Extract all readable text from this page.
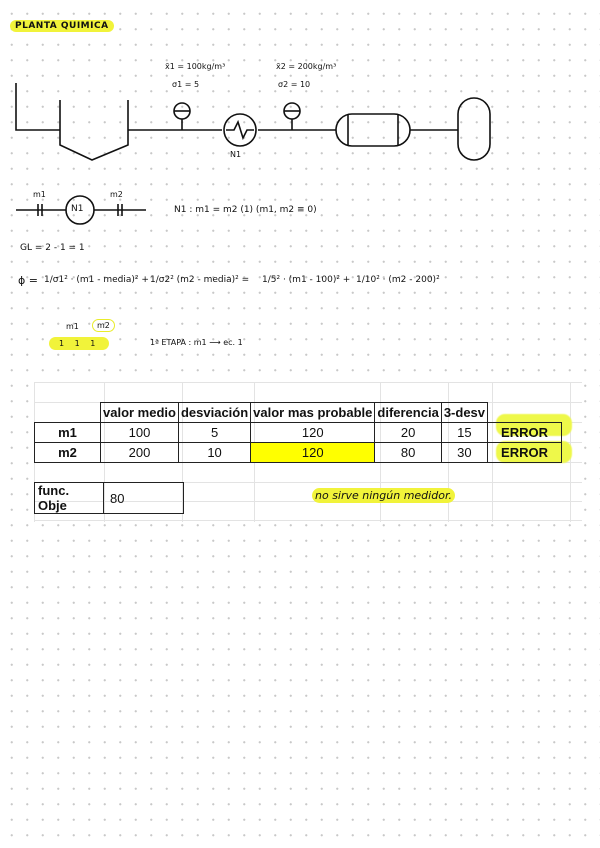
PLANTA QUIMICA
x̄1 = 100kg/m³
σ1 = 5
x̄2 = 200kg/m³
σ2 = 10
N1
m1	m2
N1	N1 : m1 = m2 (1) (m1, m2 ≡ 0)
GL = 2 - 1 = 1
ϕ = 1/σ1² · (m1 - media)² + 1/σ2² (m2 - media)² = 1/5² · (m1 - 100)² + 1/10² · (m2 - 200)²
m1	m2
1 1 1	1ª ETAPA : m1 ⟶ ec. 1
	valor medio	desviación	valor mas probable	diferencia	3-desv	
m1	100	5	120	20	15	ERROR
m2	200	10	120	80	30	ERROR
func. Obje	80	no sirve ningún medidor.
